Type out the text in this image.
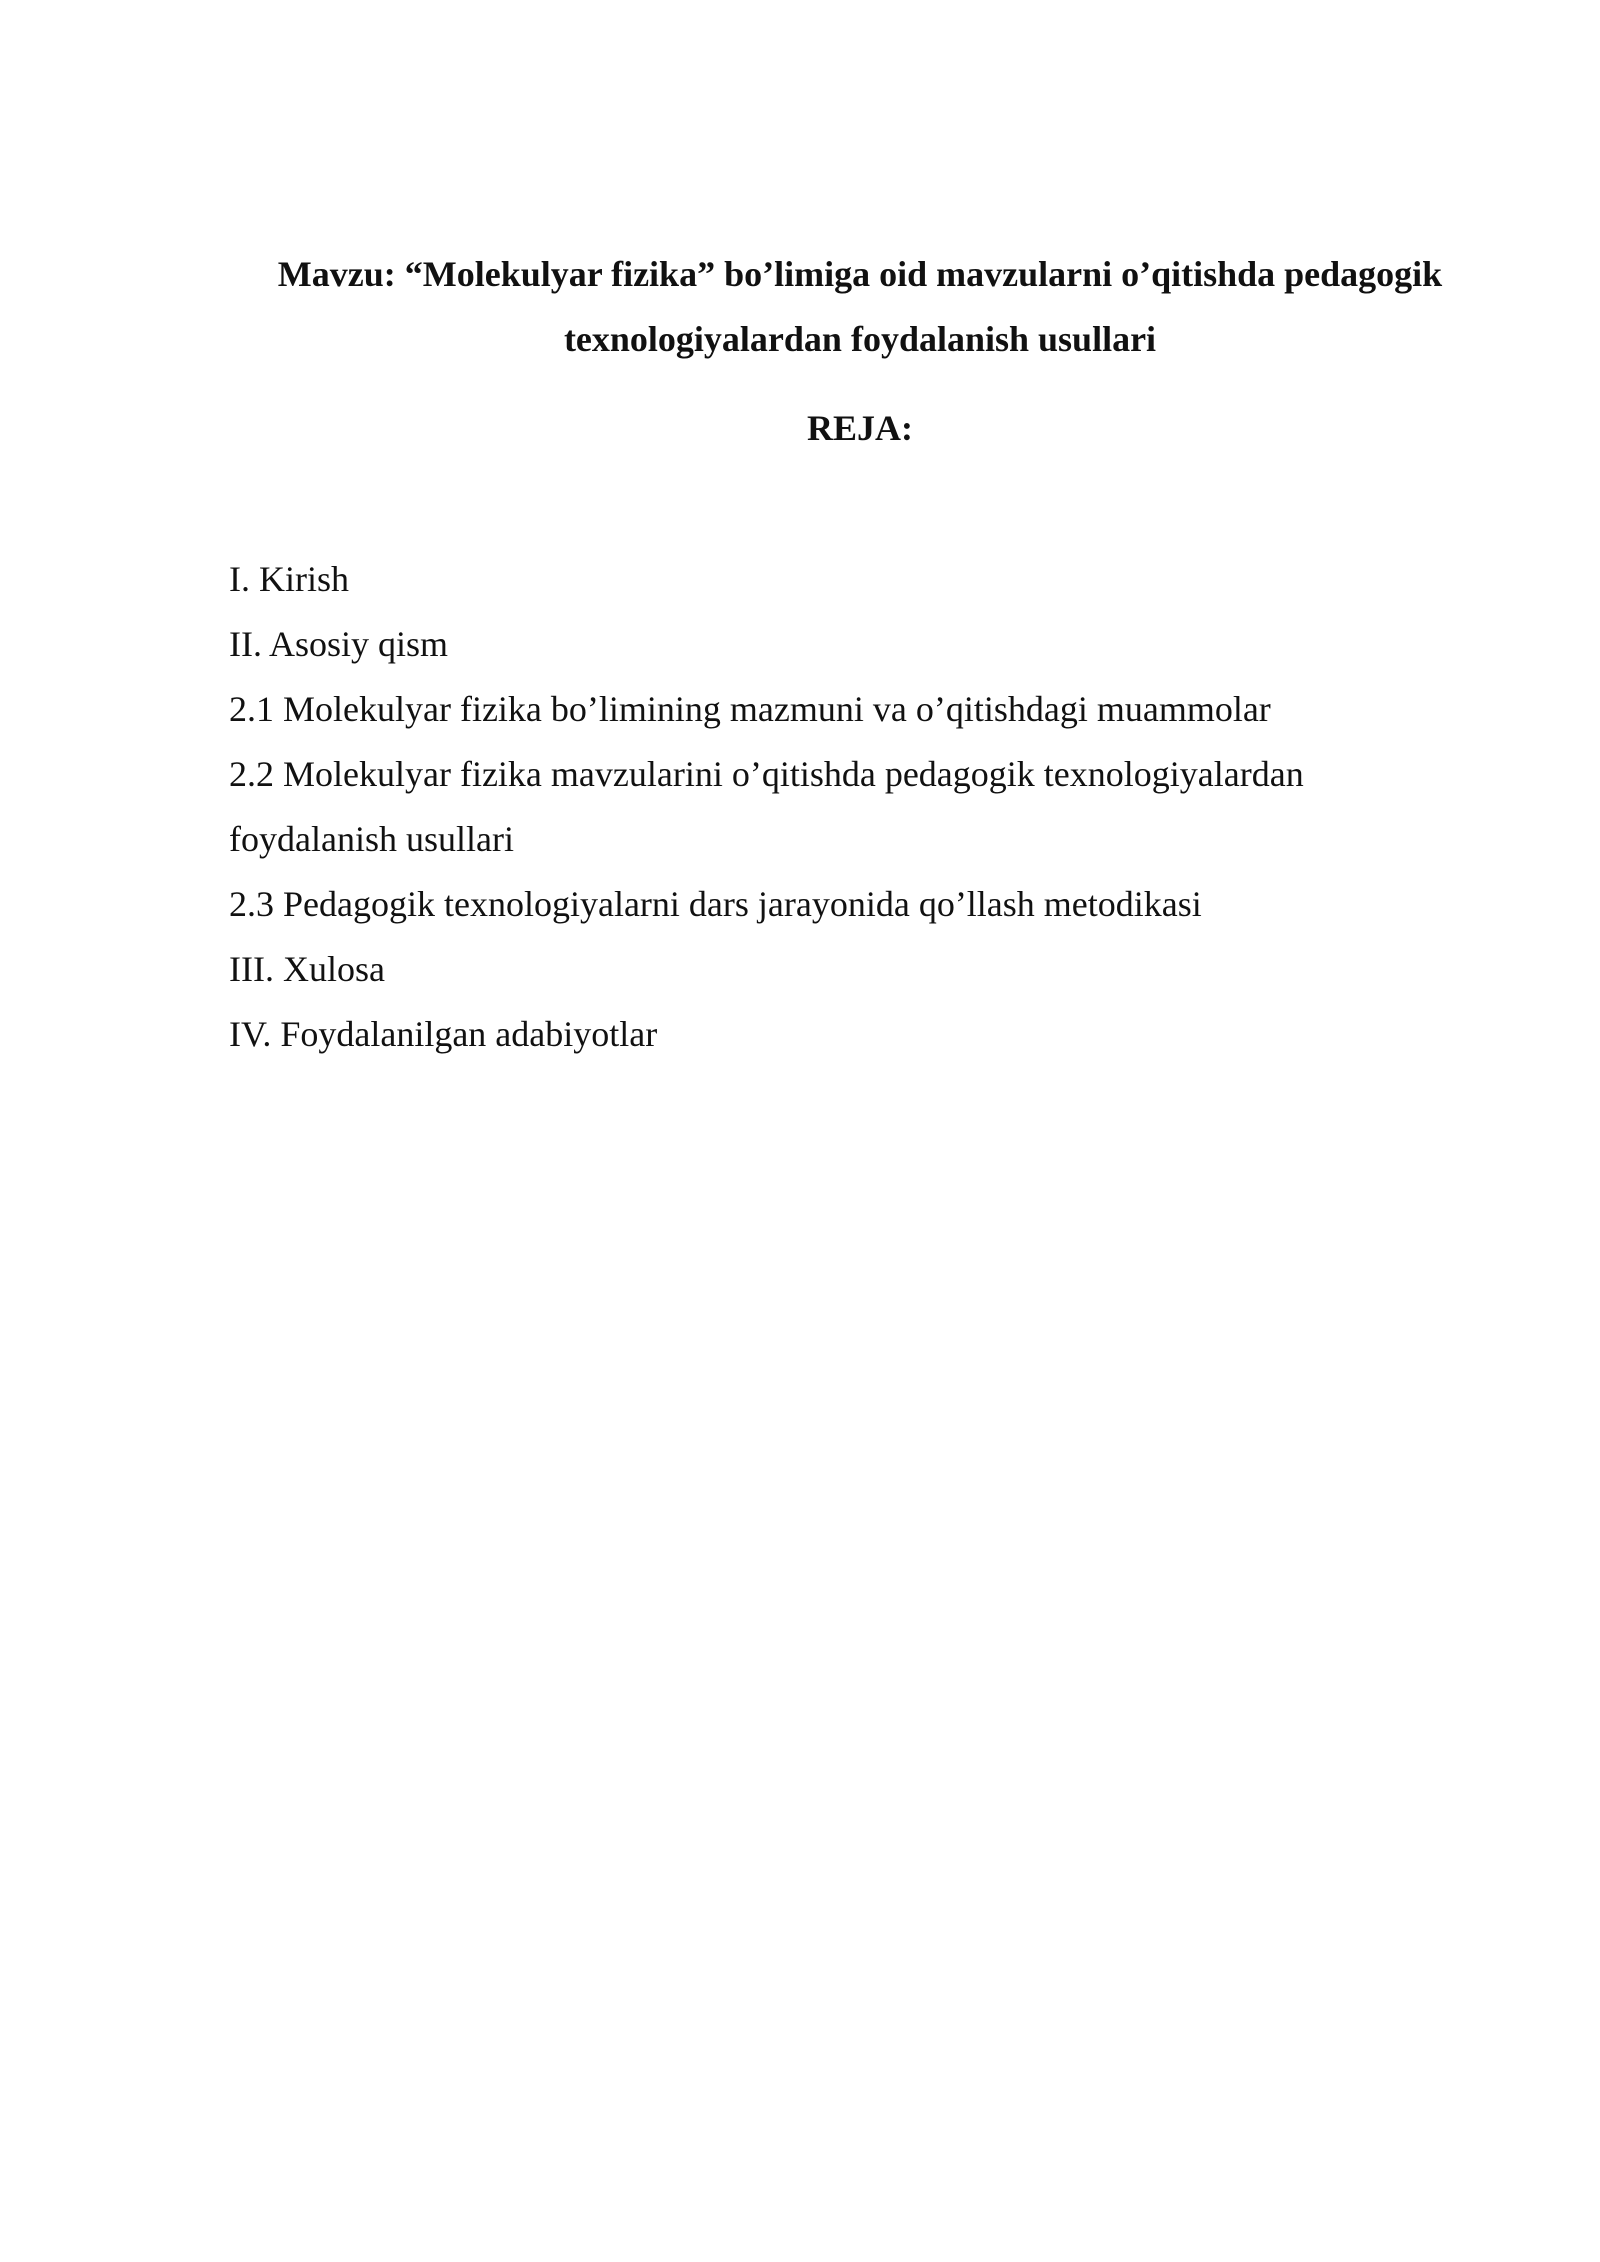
Mavzu: “Molekulyar fizika” bo’limiga oid mavzularni o’qitishda pedagogik

texnologiyalardan foydalanish usullari

REJA:
I. Kirish
II. Asosiy qism
2.1 Molekulyar fizika bo’limining mazmuni va o’qitishdagi muammolar
2.2 Molekulyar fizika mavzularini o’qitishda pedagogik texnologiyalardan
foydalanish usullari
2.3 Pedagogik texnologiyalarni dars jarayonida qo’llash metodikasi
III. Xulosa
IV. Foydalanilgan adabiyotlar
